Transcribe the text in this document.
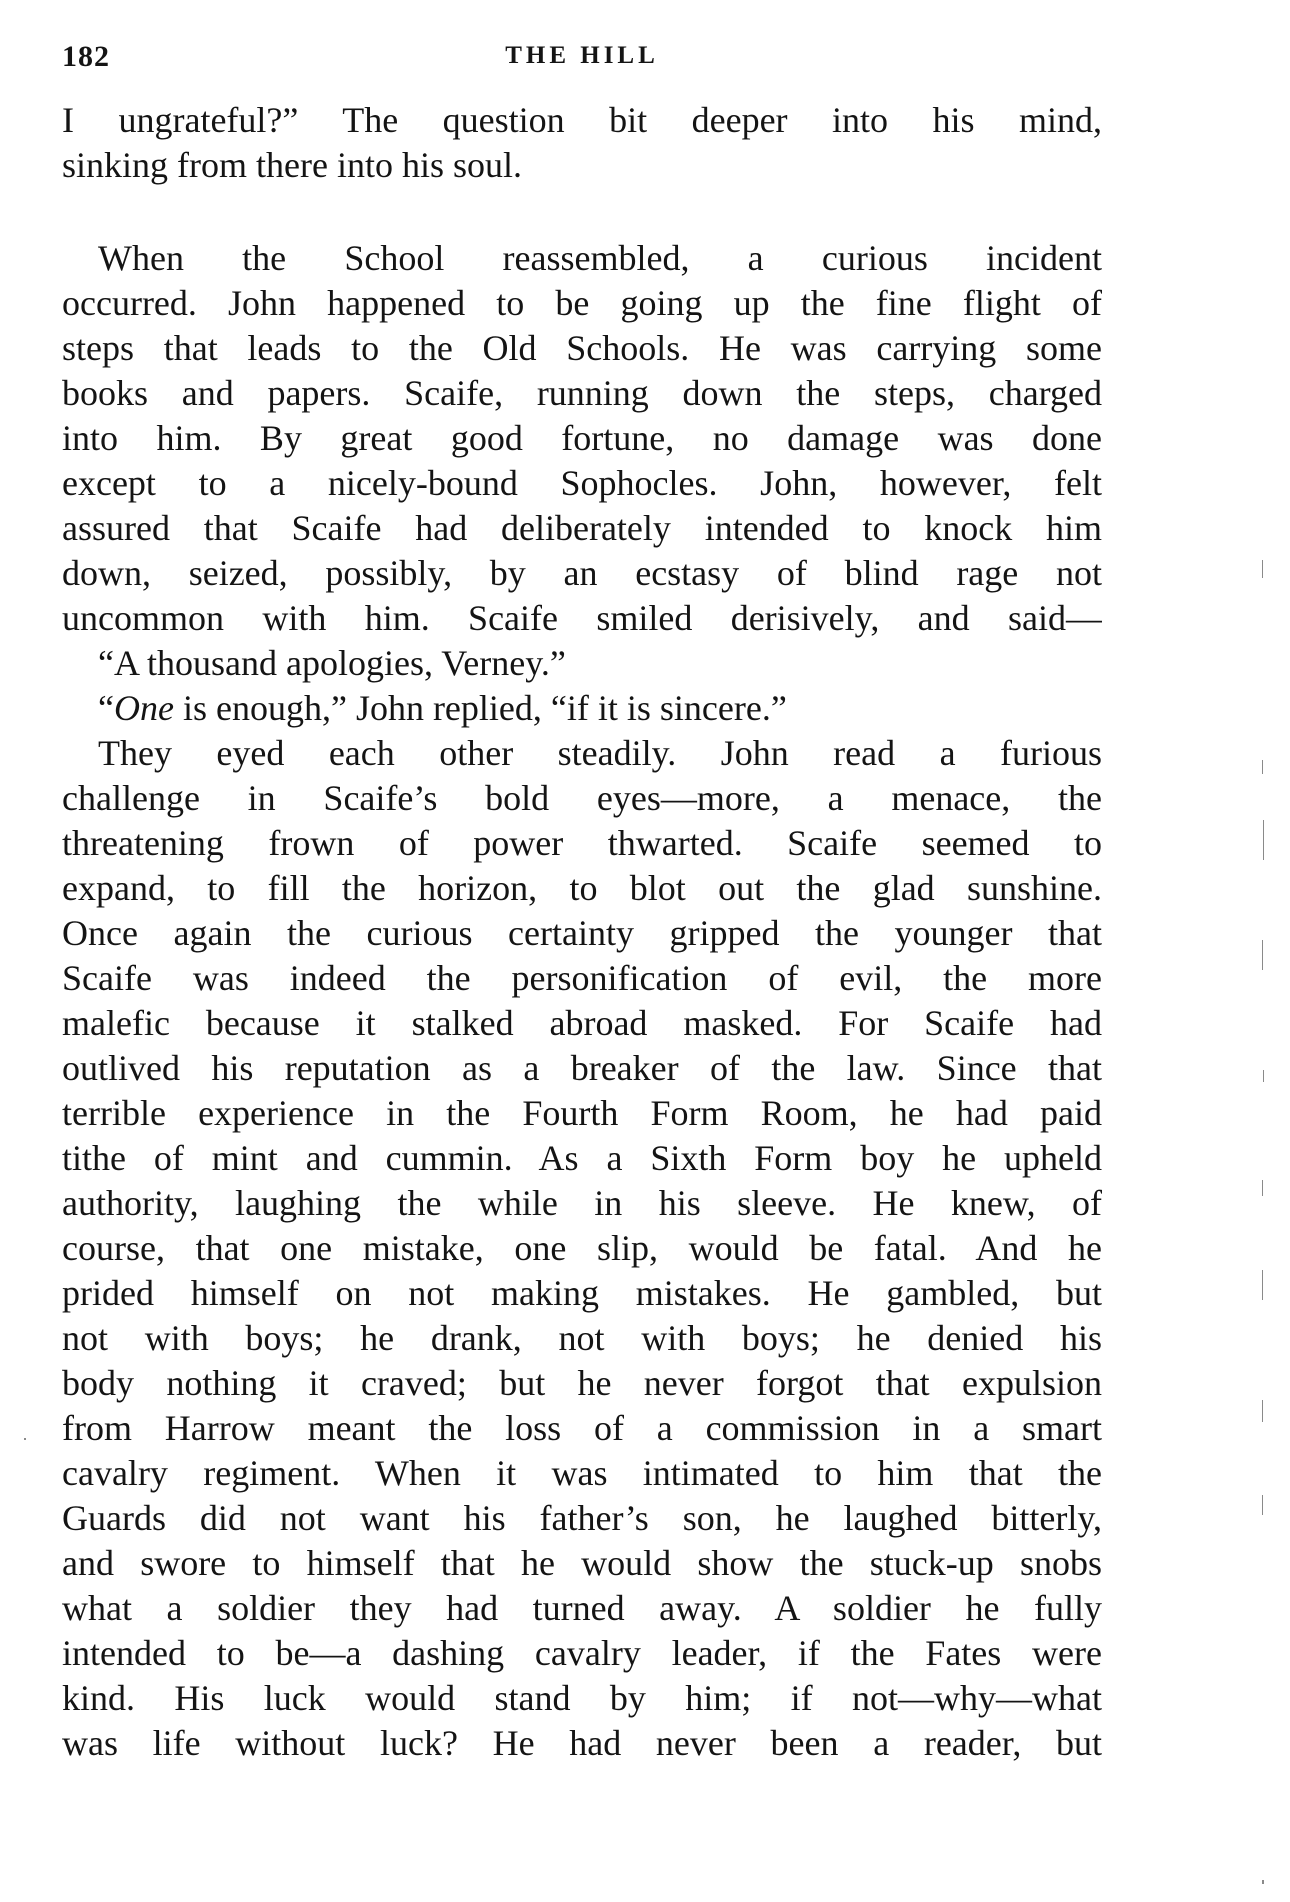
182	THE HILL
I ungrateful?” The question bit deeper into his mind,
sinking from there into his soul.
When the School reassembled, a curious incident
occurred. John happened to be going up the fine flight of
steps that leads to the Old Schools. He was carrying some
books and papers. Scaife, running down the steps, charged
into him. By great good fortune, no damage was done
except to a nicely-bound Sophocles. John, however, felt
assured that Scaife had deliberately intended to knock him
down, seized, possibly, by an ecstasy of blind rage not
uncommon with him. Scaife smiled derisively, and said—
“A thousand apologies, Verney.”
“One is enough,” John replied, “if it is sincere.”
They eyed each other steadily. John read a furious
challenge in Scaife’s bold eyes—more, a menace, the
threatening frown of power thwarted. Scaife seemed to
expand, to fill the horizon, to blot out the glad sunshine.
Once again the curious certainty gripped the younger that
Scaife was indeed the personification of evil, the more
malefic because it stalked abroad masked. For Scaife had
outlived his reputation as a breaker of the law. Since that
terrible experience in the Fourth Form Room, he had paid
tithe of mint and cummin. As a Sixth Form boy he upheld
authority, laughing the while in his sleeve. He knew, of
course, that one mistake, one slip, would be fatal. And he
prided himself on not making mistakes. He gambled, but
not with boys; he drank, not with boys; he denied his
body nothing it craved; but he never forgot that expulsion
from Harrow meant the loss of a commission in a smart
cavalry regiment. When it was intimated to him that the
Guards did not want his father’s son, he laughed bitterly,
and swore to himself that he would show the stuck-up snobs
what a soldier they had turned away. A soldier he fully
intended to be—a dashing cavalry leader, if the Fates were
kind. His luck would stand by him; if not—why—what
was life without luck? He had never been a reader, but
